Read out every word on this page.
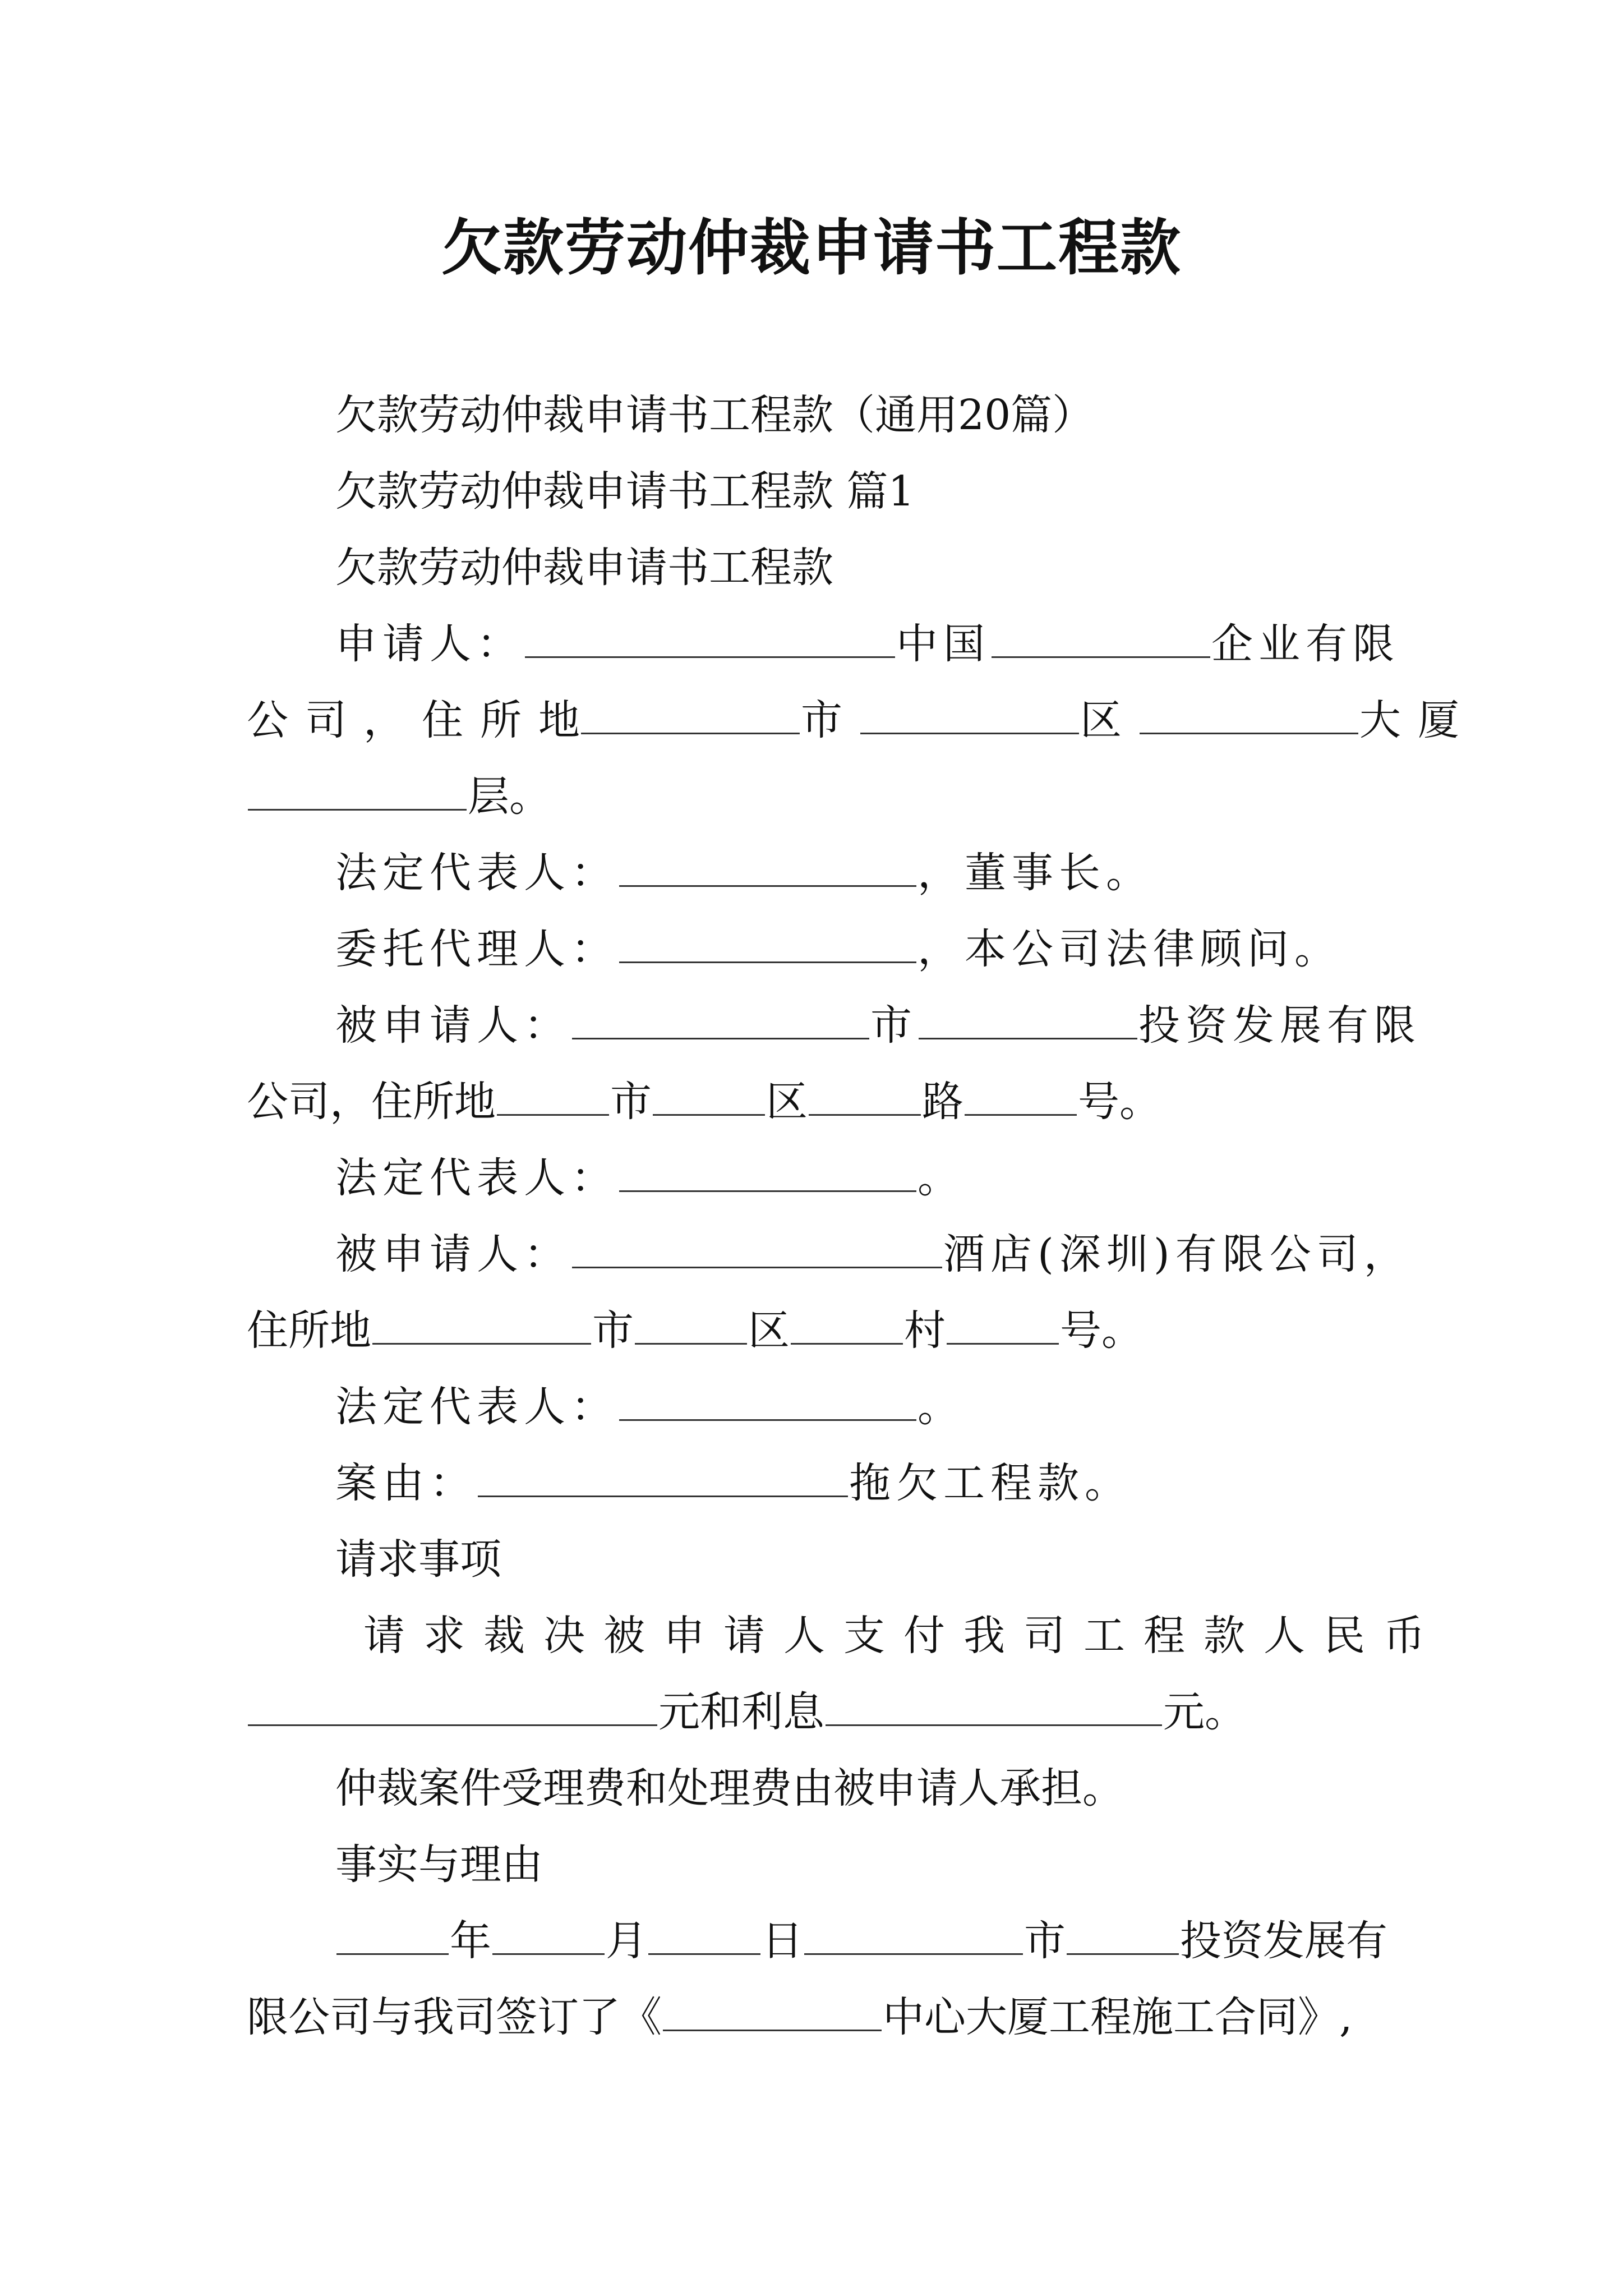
欠款劳动仲裁申请书工程款
欠款劳动仲裁申请书工程款（通用20篇）
欠款劳动仲裁申请书工程款 篇1
欠款劳动仲裁申请书工程款
申请人：	中国	企业有限
公司，住所地	市	区	大厦
层。
法定代表人：	，董事长。
委托代理人：	，本公司法律顾问。
被申请人：	市	投资发展有限
公司，住所地	市	区	路	号。
法定代表人：	。
被申请人：	酒店(深圳)有限公司，
住所地	市	区	村	号。
法定代表人：	。
案由：	拖欠工程款。
请求事项
请求裁决被申请人支付我司工程款人民币
元和利息	元。
仲裁案件受理费和处理费由被申请人承担。
事实与理由
年	月	日	市	投资发展有
限公司与我司签订了《	中心大厦工程施工合同》,
